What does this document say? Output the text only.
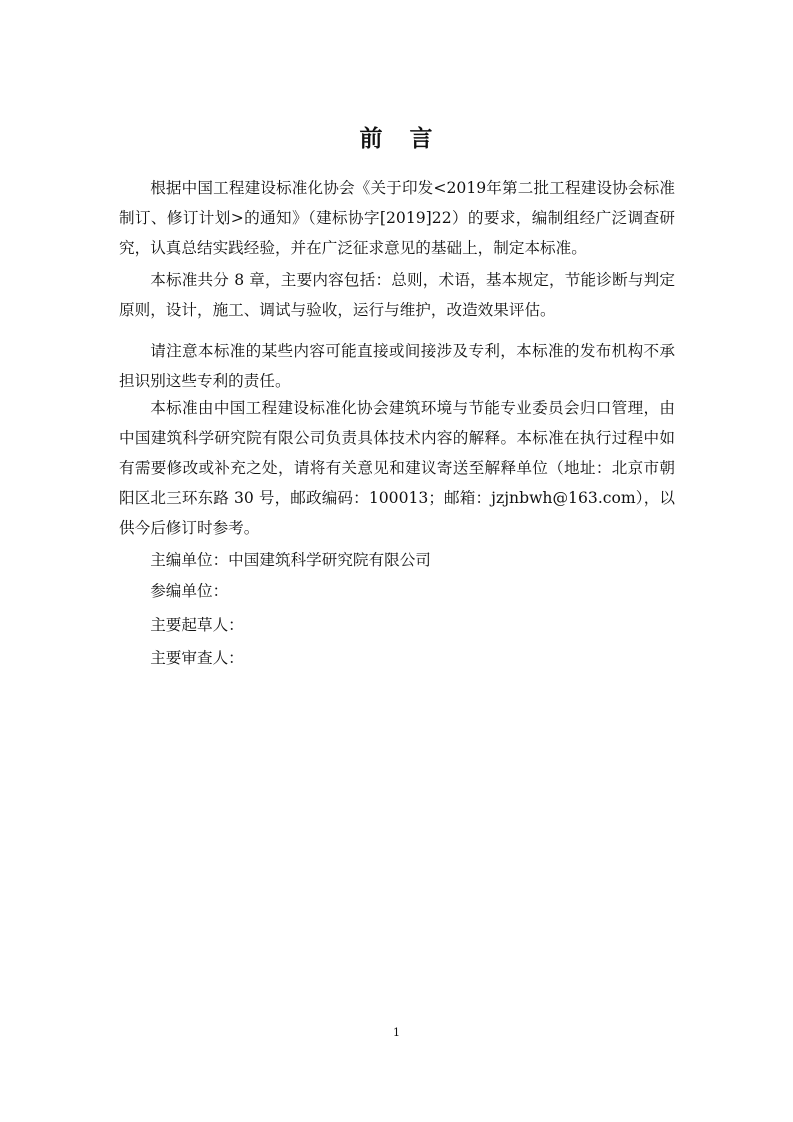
前 言

根据中国工程建设标准化协会《关于印发<2019年第二批工程建设协会标准制订、修订计划>的通知》（建标协字[2019]22）的要求，编制组经广泛调查研究，认真总结实践经验，并在广泛征求意见的基础上，制定本标准。

本标准共分 8 章，主要内容包括：总则，术语，基本规定，节能诊断与判定原则，设计，施工、调试与验收，运行与维护，改造效果评估。

请注意本标准的某些内容可能直接或间接涉及专利，本标准的发布机构不承担识别这些专利的责任。

本标准由中国工程建设标准化协会建筑环境与节能专业委员会归口管理，由中国建筑科学研究院有限公司负责具体技术内容的解释。本标准在执行过程中如有需要修改或补充之处，请将有关意见和建议寄送至解释单位（地址：北京市朝阳区北三环东路 30 号，邮政编码：100013；邮箱：jzjnbwh@163.com），以供今后修订时参考。

主编单位：中国建筑科学研究院有限公司

参编单位：

主要起草人：

主要审查人：

1
